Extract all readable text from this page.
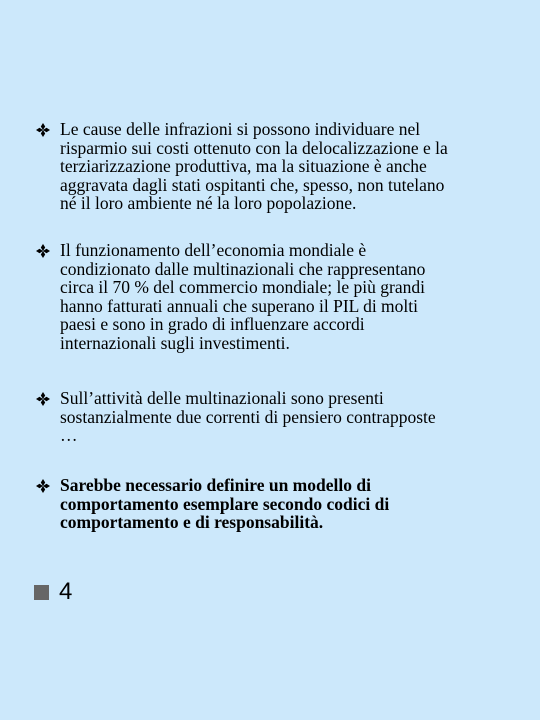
Le cause delle infrazioni si possono individuare nel
risparmio sui costi ottenuto con la delocalizzazione e la
terziarizzazione produttiva, ma la situazione è anche
aggravata dagli stati ospitanti che, spesso, non tutelano
né il loro ambiente né la loro popolazione.
Il funzionamento dell’economia mondiale è
condizionato dalle multinazionali che rappresentano
circa il 70 % del commercio mondiale; le più grandi
hanno fatturati annuali che superano il PIL di molti
paesi e sono in grado di influenzare accordi
internazionali sugli investimenti.
Sull’attività delle multinazionali sono presenti
sostanzialmente due correnti di pensiero contrapposte
…
Sarebbe necessario definire un modello di
comportamento esemplare secondo codici di
comportamento e di responsabilità.
4
